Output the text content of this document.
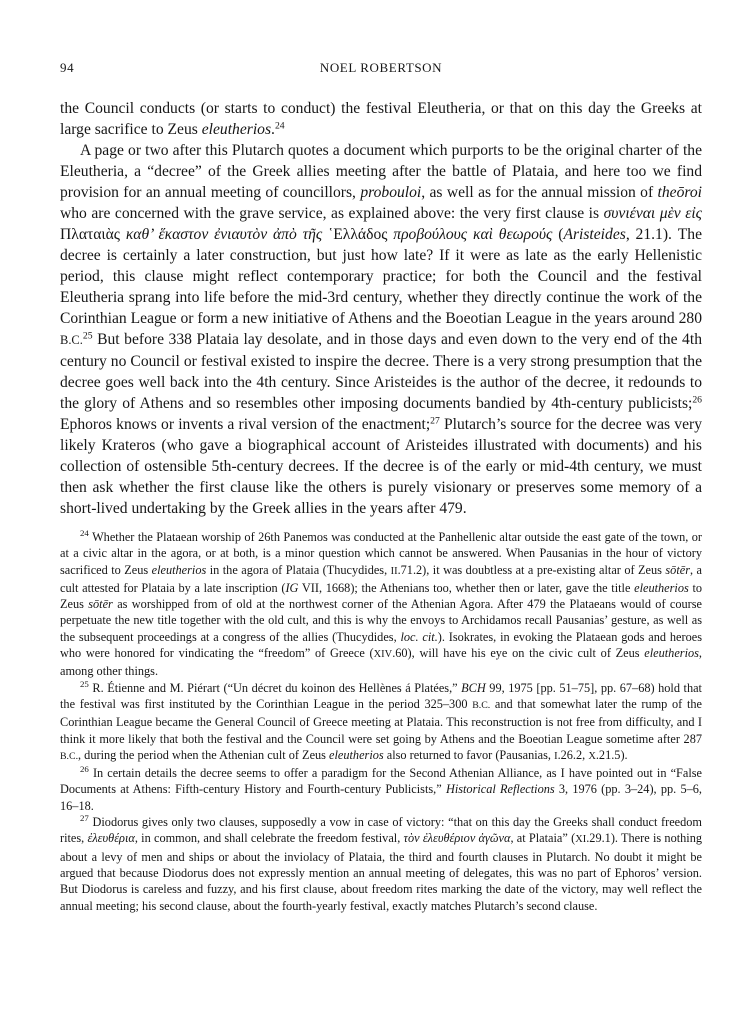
94	NOEL ROBERTSON

the Council conducts (or starts to conduct) the festival Eleutheria, or that on this day the Greeks at large sacrifice to Zeus eleutherios.$^{24}$

A page or two after this Plutarch quotes a document which purports to be the original charter of the Eleutheria, a “decree” of the Greek allies meeting after the battle of Plataia, and here too we find provision for an annual meeting of councillors, probouloi, as well as for the annual mission of theōroi who are concerned with the grave service, as explained above: the very first clause is συνιέναι μὲν εἰς Πλαταιὰς καθ’ ἕκαστον ἐνιαυτὸν ἀπὸ τῆς ῾Ελλάδος προβούλους καὶ θεωρούς (Aristeides, 21.1). The decree is certainly a later construction, but just how late? If it were as late as the early Hellenistic period, this clause might reflect contemporary practice; for both the Council and the festival Eleutheria sprang into life before the mid-3rd century, whether they directly continue the work of the Corinthian League or form a new initiative of Athens and the Boeotian League in the years around 280 B.C.$^{25}$ But before 338 Plataia lay desolate, and in those days and even down to the very end of the 4th century no Council or festival existed to inspire the decree. There is a very strong presumption that the decree goes well back into the 4th century. Since Aristeides is the author of the decree, it redounds to the glory of Athens and so resembles other imposing documents bandied by 4th-century publicists;$^{26}$ Ephoros knows or invents a rival version of the enactment;$^{27}$ Plutarch’s source for the decree was very likely Krateros (who gave a biographical account of Aristeides illustrated with documents) and his collection of ostensible 5th-century decrees. If the decree is of the early or mid-4th century, we must then ask whether the first clause like the others is purely visionary or preserves some memory of a short-lived undertaking by the Greek allies in the years after 479.

$^{24}$ Whether the Plataean worship of 26th Panemos was conducted at the Panhellenic altar outside the east gate of the town, or at a civic altar in the agora, or at both, is a minor question which cannot be answered. When Pausanias in the hour of victory sacrificed to Zeus eleutherios in the agora of Plataia (Thucydides, II.71.2), it was doubtless at a pre-existing altar of Zeus sōtēr, a cult attested for Plataia by a late inscription (IG VII, 1668); the Athenians too, whether then or later, gave the title eleutherios to Zeus sōtēr as worshipped from of old at the northwest corner of the Athenian Agora. After 479 the Plataeans would of course perpetuate the new title together with the old cult, and this is why the envoys to Archidamos recall Pausanias’ gesture, as well as the subsequent proceedings at a congress of the allies (Thucydides, loc. cit.). Isokrates, in evoking the Plataean gods and heroes who were honored for vindicating the “freedom” of Greece (XIV.60), will have his eye on the civic cult of Zeus eleutherios, among other things.

$^{25}$ R. Étienne and M. Piérart (“Un décret du koinon des Hellènes á Platées,” BCH 99, 1975 [pp. 51–75], pp. 67–68) hold that the festival was first instituted by the Corinthian League in the period 325–300 B.C. and that somewhat later the rump of the Corinthian League became the General Council of Greece meeting at Plataia. This reconstruction is not free from difficulty, and I think it more likely that both the festival and the Council were set going by Athens and the Boeotian League sometime after 287 B.C., during the period when the Athenian cult of Zeus eleutherios also returned to favor (Pausanias, I.26.2, X.21.5).

$^{26}$ In certain details the decree seems to offer a paradigm for the Second Athenian Alliance, as I have pointed out in “False Documents at Athens: Fifth-century History and Fourth-century Publicists,” Historical Reflections 3, 1976 (pp. 3–24), pp. 5–6, 16–18.

$^{27}$ Diodorus gives only two clauses, supposedly a vow in case of victory: “that on this day the Greeks shall conduct freedom rites, ἐλευθέρια, in common, and shall celebrate the freedom festival, τὸν ἐλευθέριον ἀγῶνα, at Plataia” (XI.29.1). There is nothing about a levy of men and ships or about the inviolacy of Plataia, the third and fourth clauses in Plutarch. No doubt it might be argued that because Diodorus does not expressly mention an annual meeting of delegates, this was no part of Ephoros’ version. But Diodorus is careless and fuzzy, and his first clause, about freedom rites marking the date of the victory, may well reflect the annual meeting; his second clause, about the fourth-yearly festival, exactly matches Plutarch’s second clause.
